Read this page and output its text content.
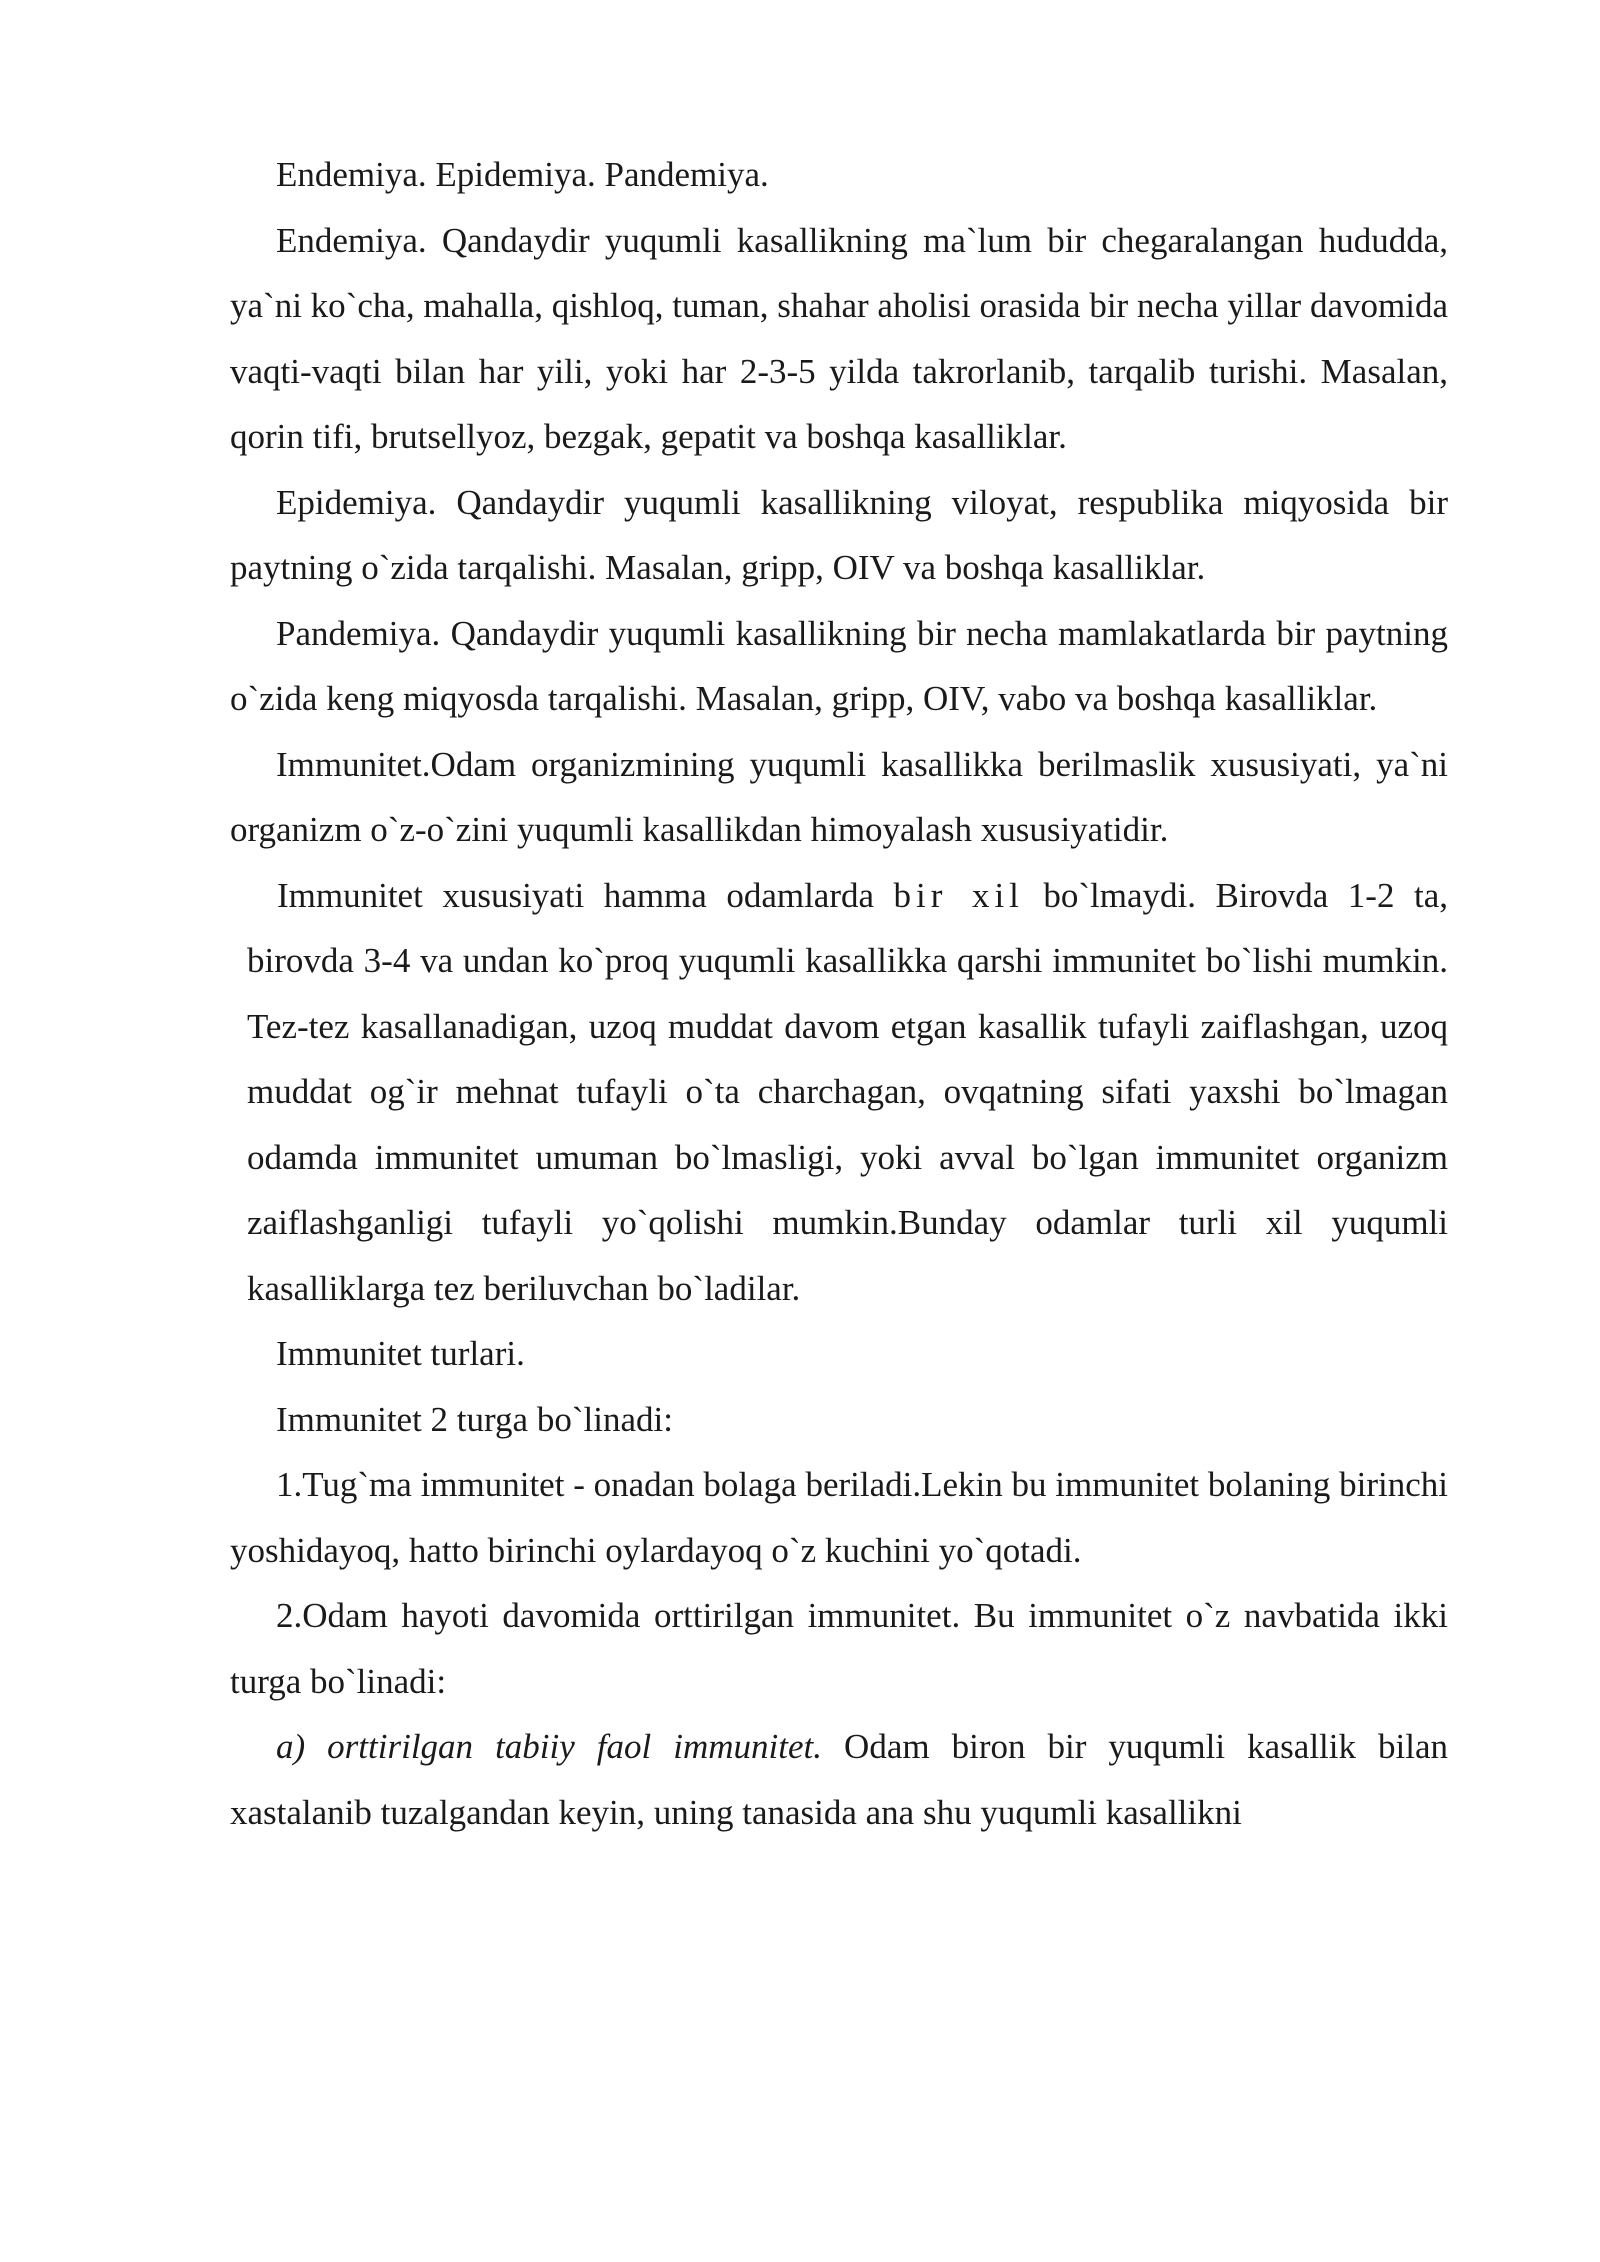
Endemiya. Epidemiya. Pandemiya.

Endemiya. Qandaydir yuqumli kasallikning ma`lum bir chegaralangan hududda, ya`ni ko`cha, mahalla, qishloq, tuman, shahar aholisi orasida bir necha yillar davomida vaqti-vaqti bilan har yili, yoki har 2-3-5 yilda takrorlanib, tarqalib turishi. Masalan, qorin tifi, brutsellyoz, bezgak, gepatit va boshqa kasalliklar.

Epidemiya. Qandaydir yuqumli kasallikning viloyat, respublika miqyosida bir paytning o`zida tarqalishi. Masalan, gripp, OIV va boshqa kasalliklar.

Pandemiya. Qandaydir yuqumli kasallikning bir necha mamlakatlarda bir paytning o`zida keng miqyosda tarqalishi. Masalan, gripp, OIV, vabo va boshqa kasalliklar.

Immunitet.Odam organizmining yuqumli kasallikka berilmaslik xususiyati, ya`ni organizm o`z-o`zini yuqumli kasallikdan himoyalash xususiyatidir.

Immunitet xususiyati hamma odamlarda bir xil bo`lmaydi. Birovda 1-2 ta, birovda 3-4 va undan ko`proq yuqumli kasallikka qarshi immunitet bo`lishi mumkin. Tez-tez kasallanadigan, uzoq muddat davom etgan kasallik tufayli zaiflashgan, uzoq muddat og`ir mehnat tufayli o`ta charchagan, ovqatning sifati yaxshi bo`lmagan odamda immunitet umuman bo`lmasligi, yoki avval bo`lgan immunitet organizm zaiflashganligi tufayli yo`qolishi mumkin.Bunday odamlar turli xil yuqumli kasalliklarga tez beriluvchan bo`ladilar.

Immunitet turlari.

Immunitet 2 turga bo`linadi:

1.Tug`ma immunitet - onadan bolaga beriladi.Lekin bu immunitet bolaning birinchi yoshidayoq, hatto birinchi oylardayoq o`z kuchini yo`qotadi.

2.Odam hayoti davomida orttirilgan immunitet. Bu immunitet o`z navbatida ikki turga bo`linadi:

a) orttirilgan tabiiy faol immunitet. Odam biron bir yuqumli kasallik bilan xastalanib tuzalgandan keyin, uning tanasida ana shu yuqumli kasallikni
